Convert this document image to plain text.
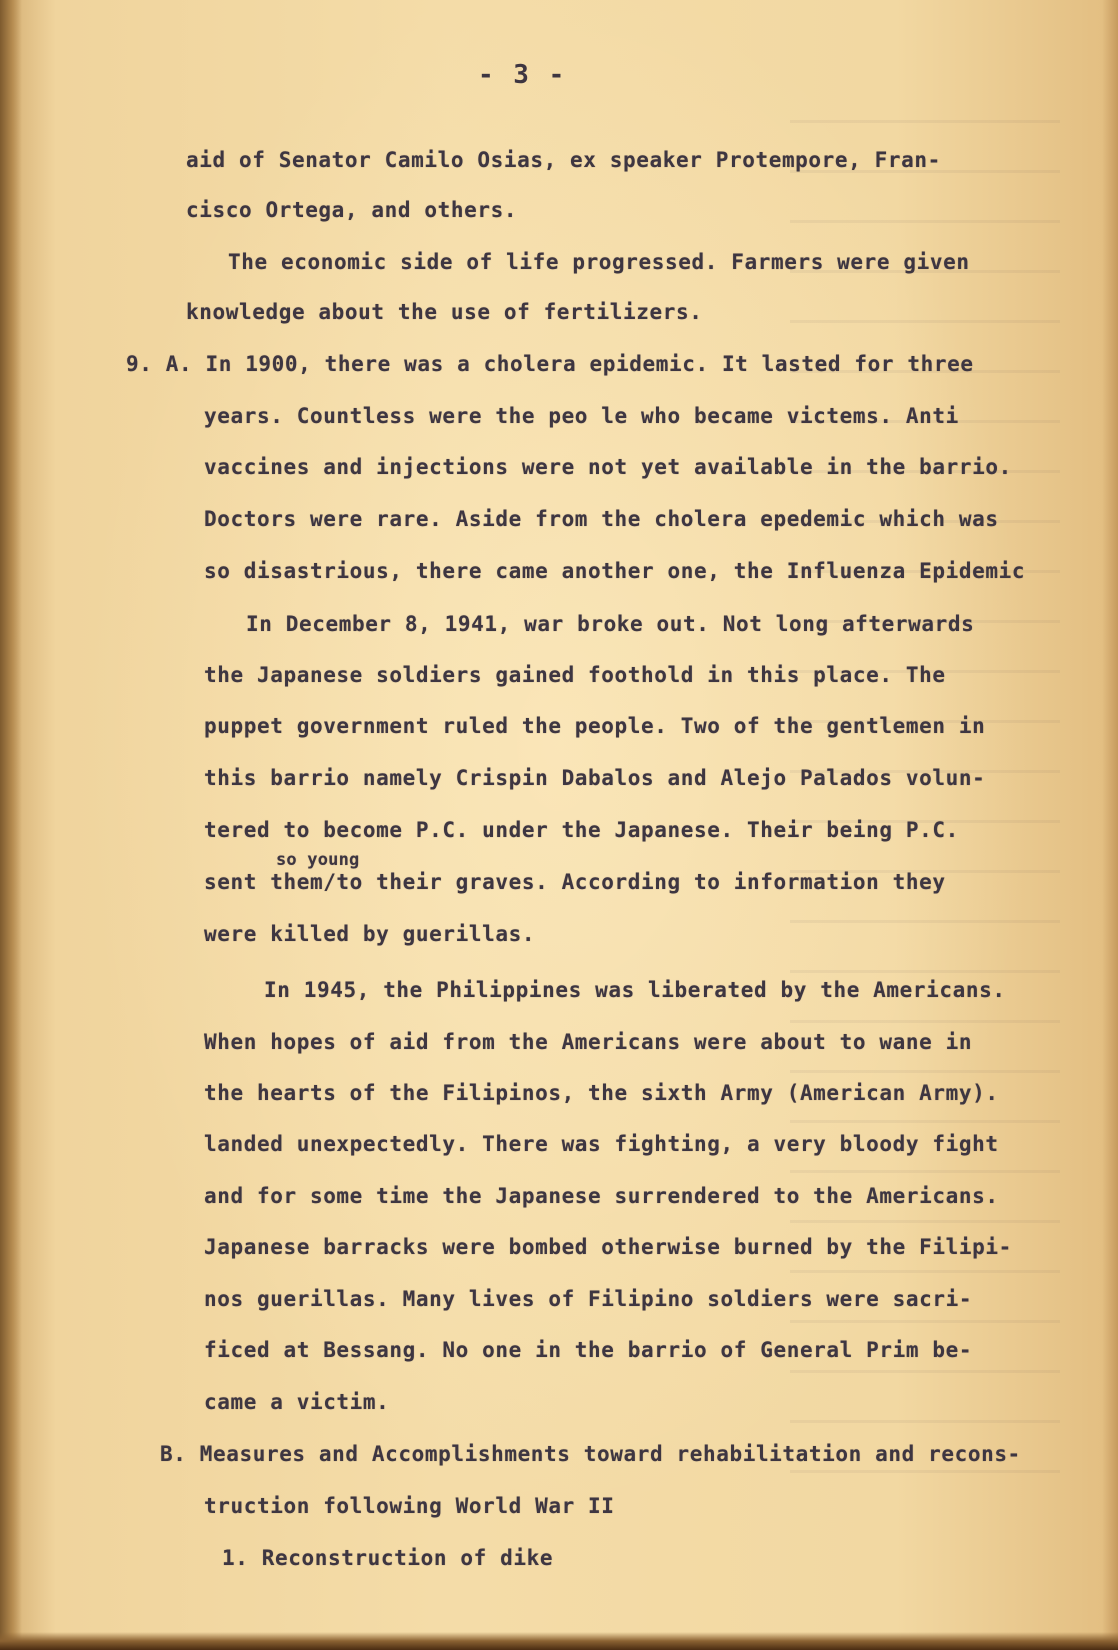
- 3 -
aid of Senator Camilo Osias, ex speaker Protempore, Fran-
cisco Ortega, and others.
The economic side of life progressed. Farmers were given
knowledge about the use of fertilizers.
9. A. In 1900, there was a cholera epidemic. It lasted for three
years. Countless were the peo le who became victems. Anti
vaccines and injections were not yet available in the barrio.
Doctors were rare. Aside from the cholera epedemic which was
so disastrious, there came another one, the Influenza Epidemic
In December 8, 1941, war broke out. Not long afterwards
the Japanese soldiers gained foothold in this place. The
puppet government ruled the people. Two of the gentlemen in
this barrio namely Crispin Dabalos and Alejo Palados volun-
tered to become P.C. under the Japanese. Their being P.C.
so young
sent them/to their graves. According to information they
were killed by guerillas.
In 1945, the Philippines was liberated by the Americans.
When hopes of aid from the Americans were about to wane in
the hearts of the Filipinos, the sixth Army (American Army).
landed unexpectedly. There was fighting, a very bloody fight
and for some time the Japanese surrendered to the Americans.
Japanese barracks were bombed otherwise burned by the Filipi-
nos guerillas. Many lives of Filipino soldiers were sacri-
ficed at Bessang. No one in the barrio of General Prim be-
came a victim.
B. Measures and Accomplishments toward rehabilitation and recons-
truction following World War II
1. Reconstruction of dike
